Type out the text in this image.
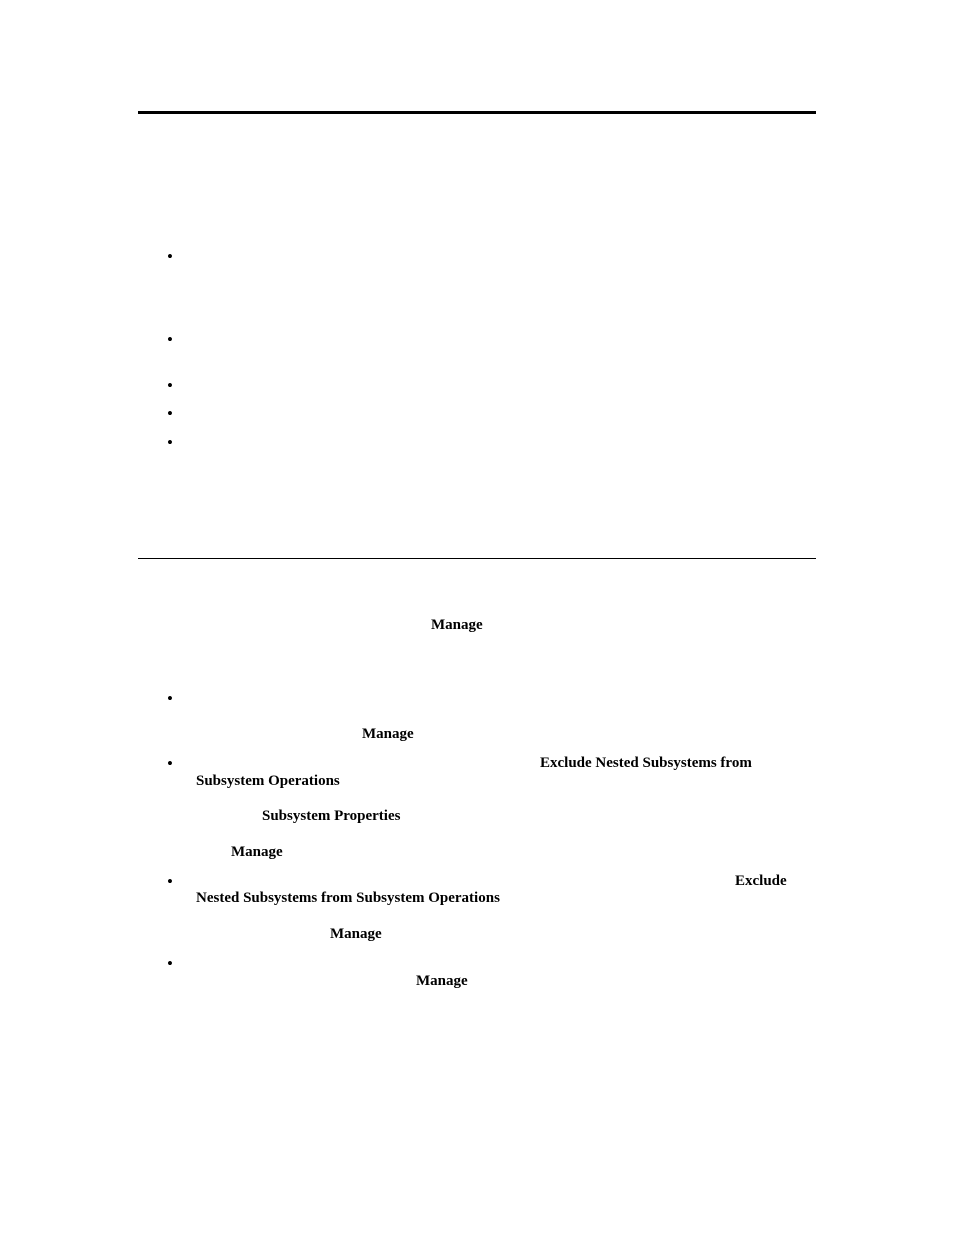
•
•
•
•
•
Manage
•
Manage
•	Exclude Nested Subsystems from
Subsystem Operations
Subsystem Properties
Manage
•	Exclude
Nested Subsystems from Subsystem Operations
Manage
•
Manage
